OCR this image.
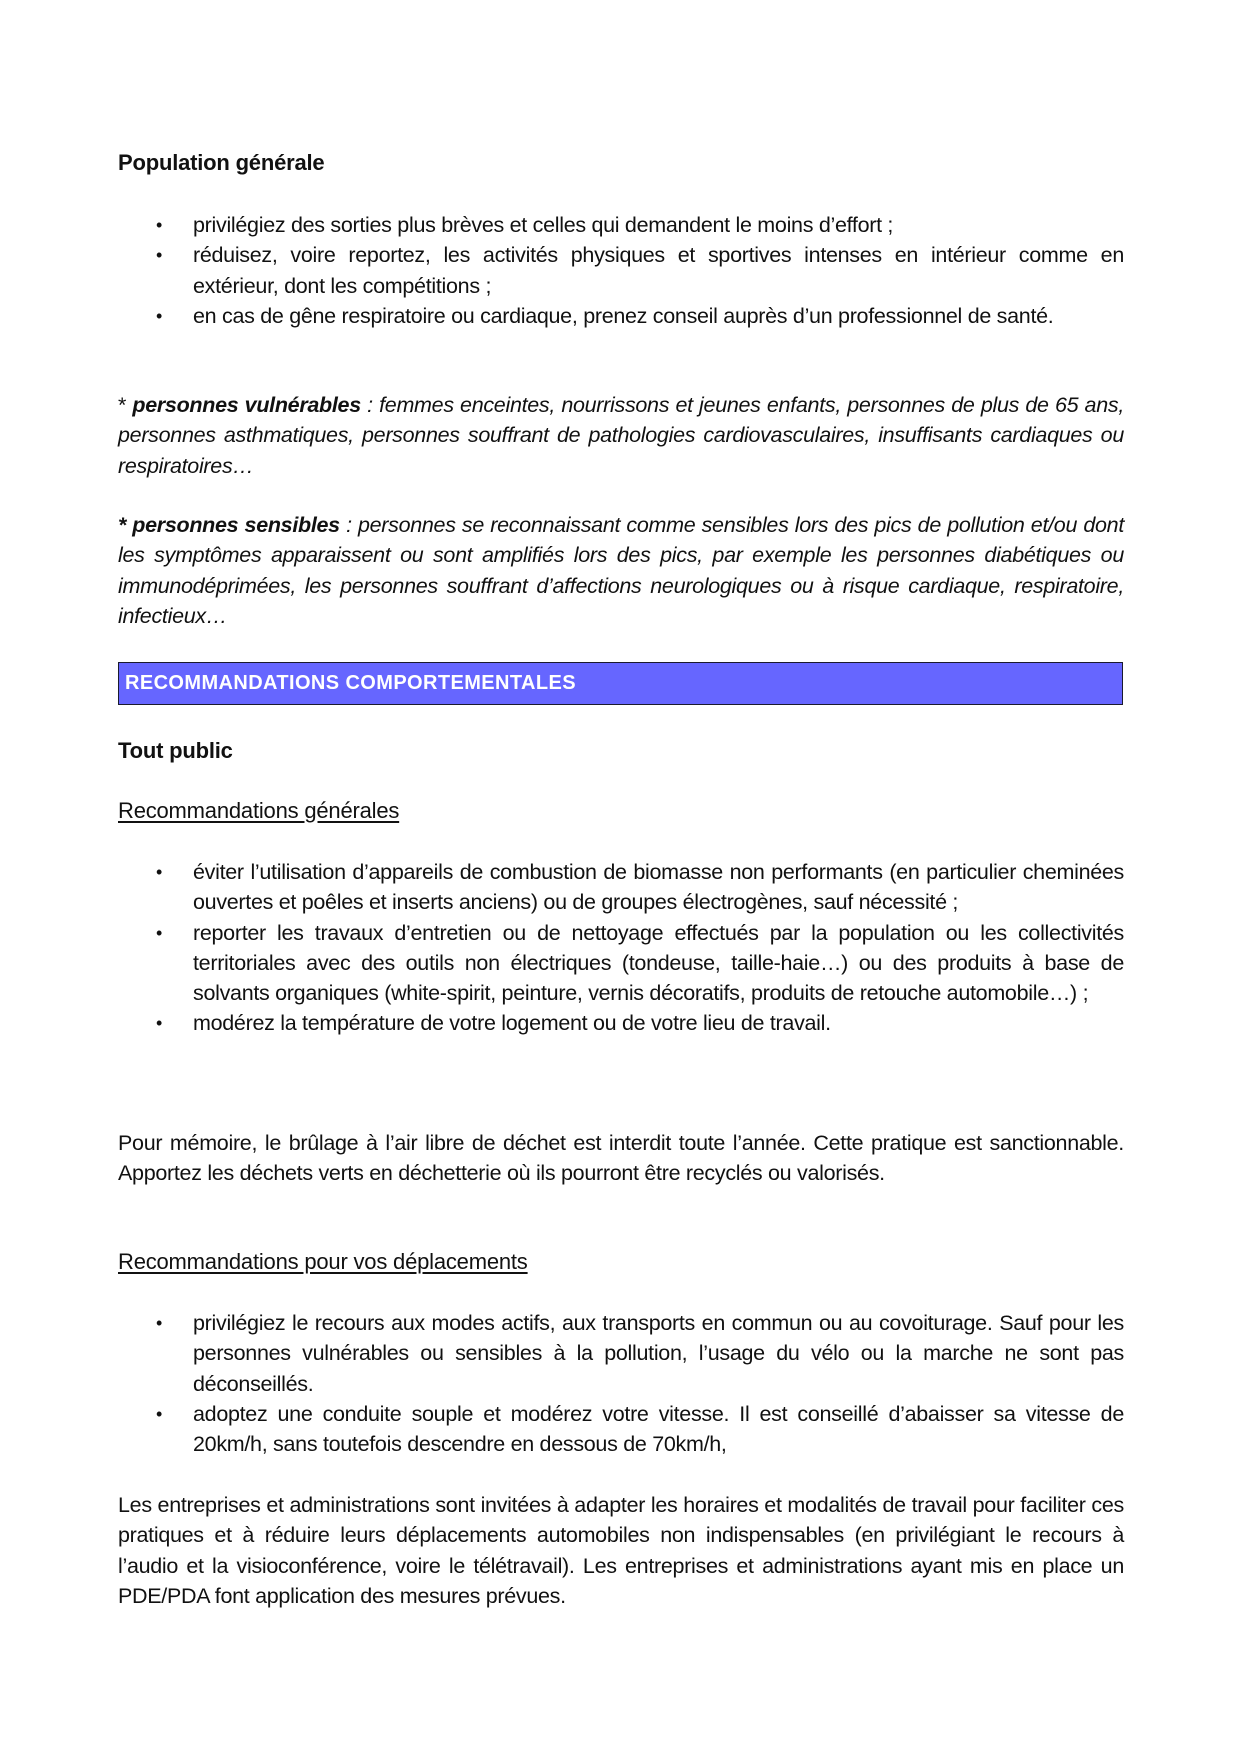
Population générale
• privilégiez des sorties plus brèves et celles qui demandent le moins d’effort ;
• réduisez, voire reportez, les activités physiques et sportives intenses en intérieur comme en extérieur, dont les compétitions ;
• en cas de gêne respiratoire ou cardiaque, prenez conseil auprès d’un professionnel de santé.

* personnes vulnérables : femmes enceintes, nourrissons et jeunes enfants, personnes de plus de 65 ans, personnes asthmatiques, personnes souffrant de pathologies cardiovasculaires, insuffisants cardiaques ou respiratoires…

* personnes sensibles : personnes se reconnaissant comme sensibles lors des pics de pollution et/ou dont les symptômes apparaissent ou sont amplifiés lors des pics, par exemple les personnes diabétiques ou immunodéprimées, les personnes souffrant d’affections neurologiques ou à risque cardiaque, respiratoire, infectieux…

RECOMMANDATIONS COMPORTEMENTALES
Tout public
Recommandations générales
• éviter l’utilisation d’appareils de combustion de biomasse non performants (en particulier cheminées ouvertes et poêles et inserts anciens) ou de groupes électrogènes, sauf nécessité ;
• reporter les travaux d’entretien ou de nettoyage effectués par la population ou les collectivités territoriales avec des outils non électriques (tondeuse, taille-haie…) ou des produits à base de solvants organiques (white-spirit, peinture, vernis décoratifs, produits de retouche automobile…) ;
• modérez la température de votre logement ou de votre lieu de travail.

Pour mémoire, le brûlage à l’air libre de déchet est interdit toute l’année. Cette pratique est sanctionnable. Apportez les déchets verts en déchetterie où ils pourront être recyclés ou valorisés.

Recommandations pour vos déplacements
• privilégiez le recours aux modes actifs, aux transports en commun ou au covoiturage. Sauf pour les personnes vulnérables ou sensibles à la pollution, l’usage du vélo ou la marche ne sont pas déconseillés.
• adoptez une conduite souple et modérez votre vitesse. Il est conseillé d’abaisser sa vitesse de 20km/h, sans toutefois descendre en dessous de 70km/h,

Les entreprises et administrations sont invitées à adapter les horaires et modalités de travail pour faciliter ces pratiques et à réduire leurs déplacements automobiles non indispensables (en privilégiant le recours à l’audio et la visioconférence, voire le télétravail). Les entreprises et administrations ayant mis en place un PDE/PDA font application des mesures prévues.
